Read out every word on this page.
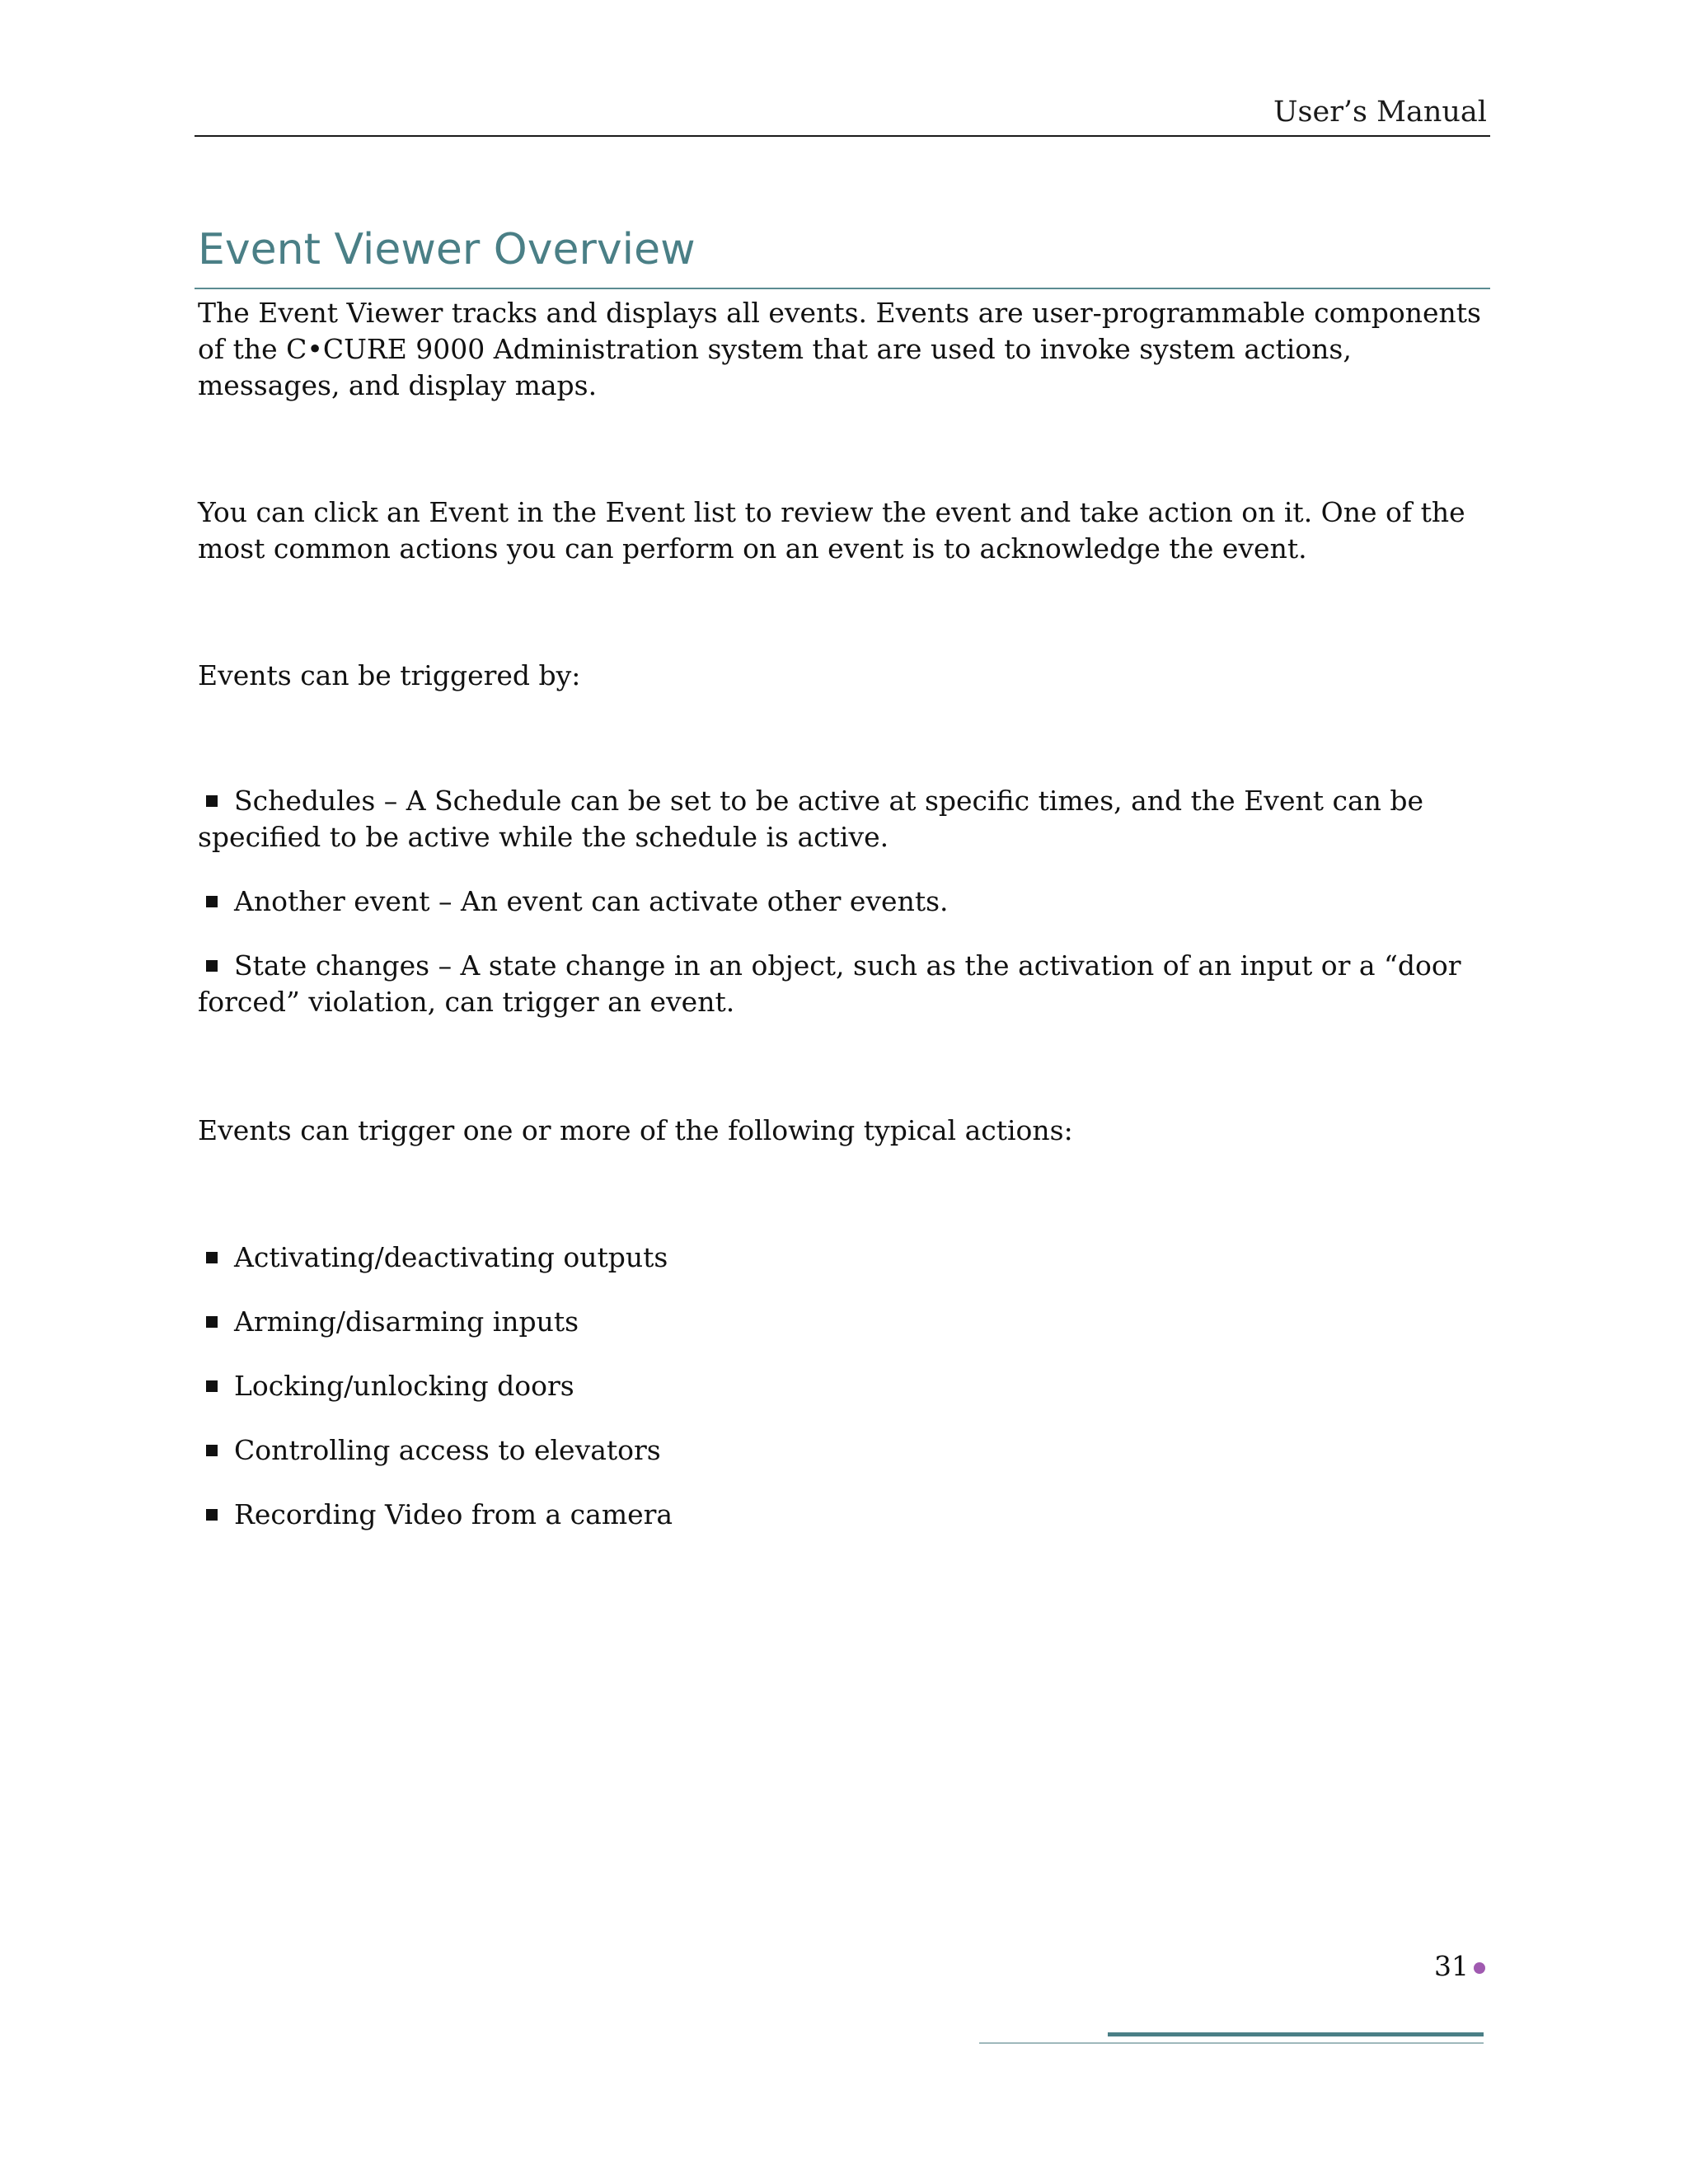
User’s Manual
Event Viewer Overview

The Event Viewer tracks and displays all events. Events are user-programmable components of the C•CURE 9000 Administration system that are used to invoke system actions, messages, and display maps.

You can click an Event in the Event list to review the event and take action on it. One of the most common actions you can perform on an event is to acknowledge the event.

Events can be triggered by:

Schedules – A Schedule can be set to be active at specific times, and the Event can be specified to be active while the schedule is active.

Another event – An event can activate other events.

State changes – A state change in an object, such as the activation of an input or a “door forced” violation, can trigger an event.

Events can trigger one or more of the following typical actions:

Activating/deactivating outputs

Arming/disarming inputs

Locking/unlocking doors

Controlling access to elevators

Recording Video from a camera

31
